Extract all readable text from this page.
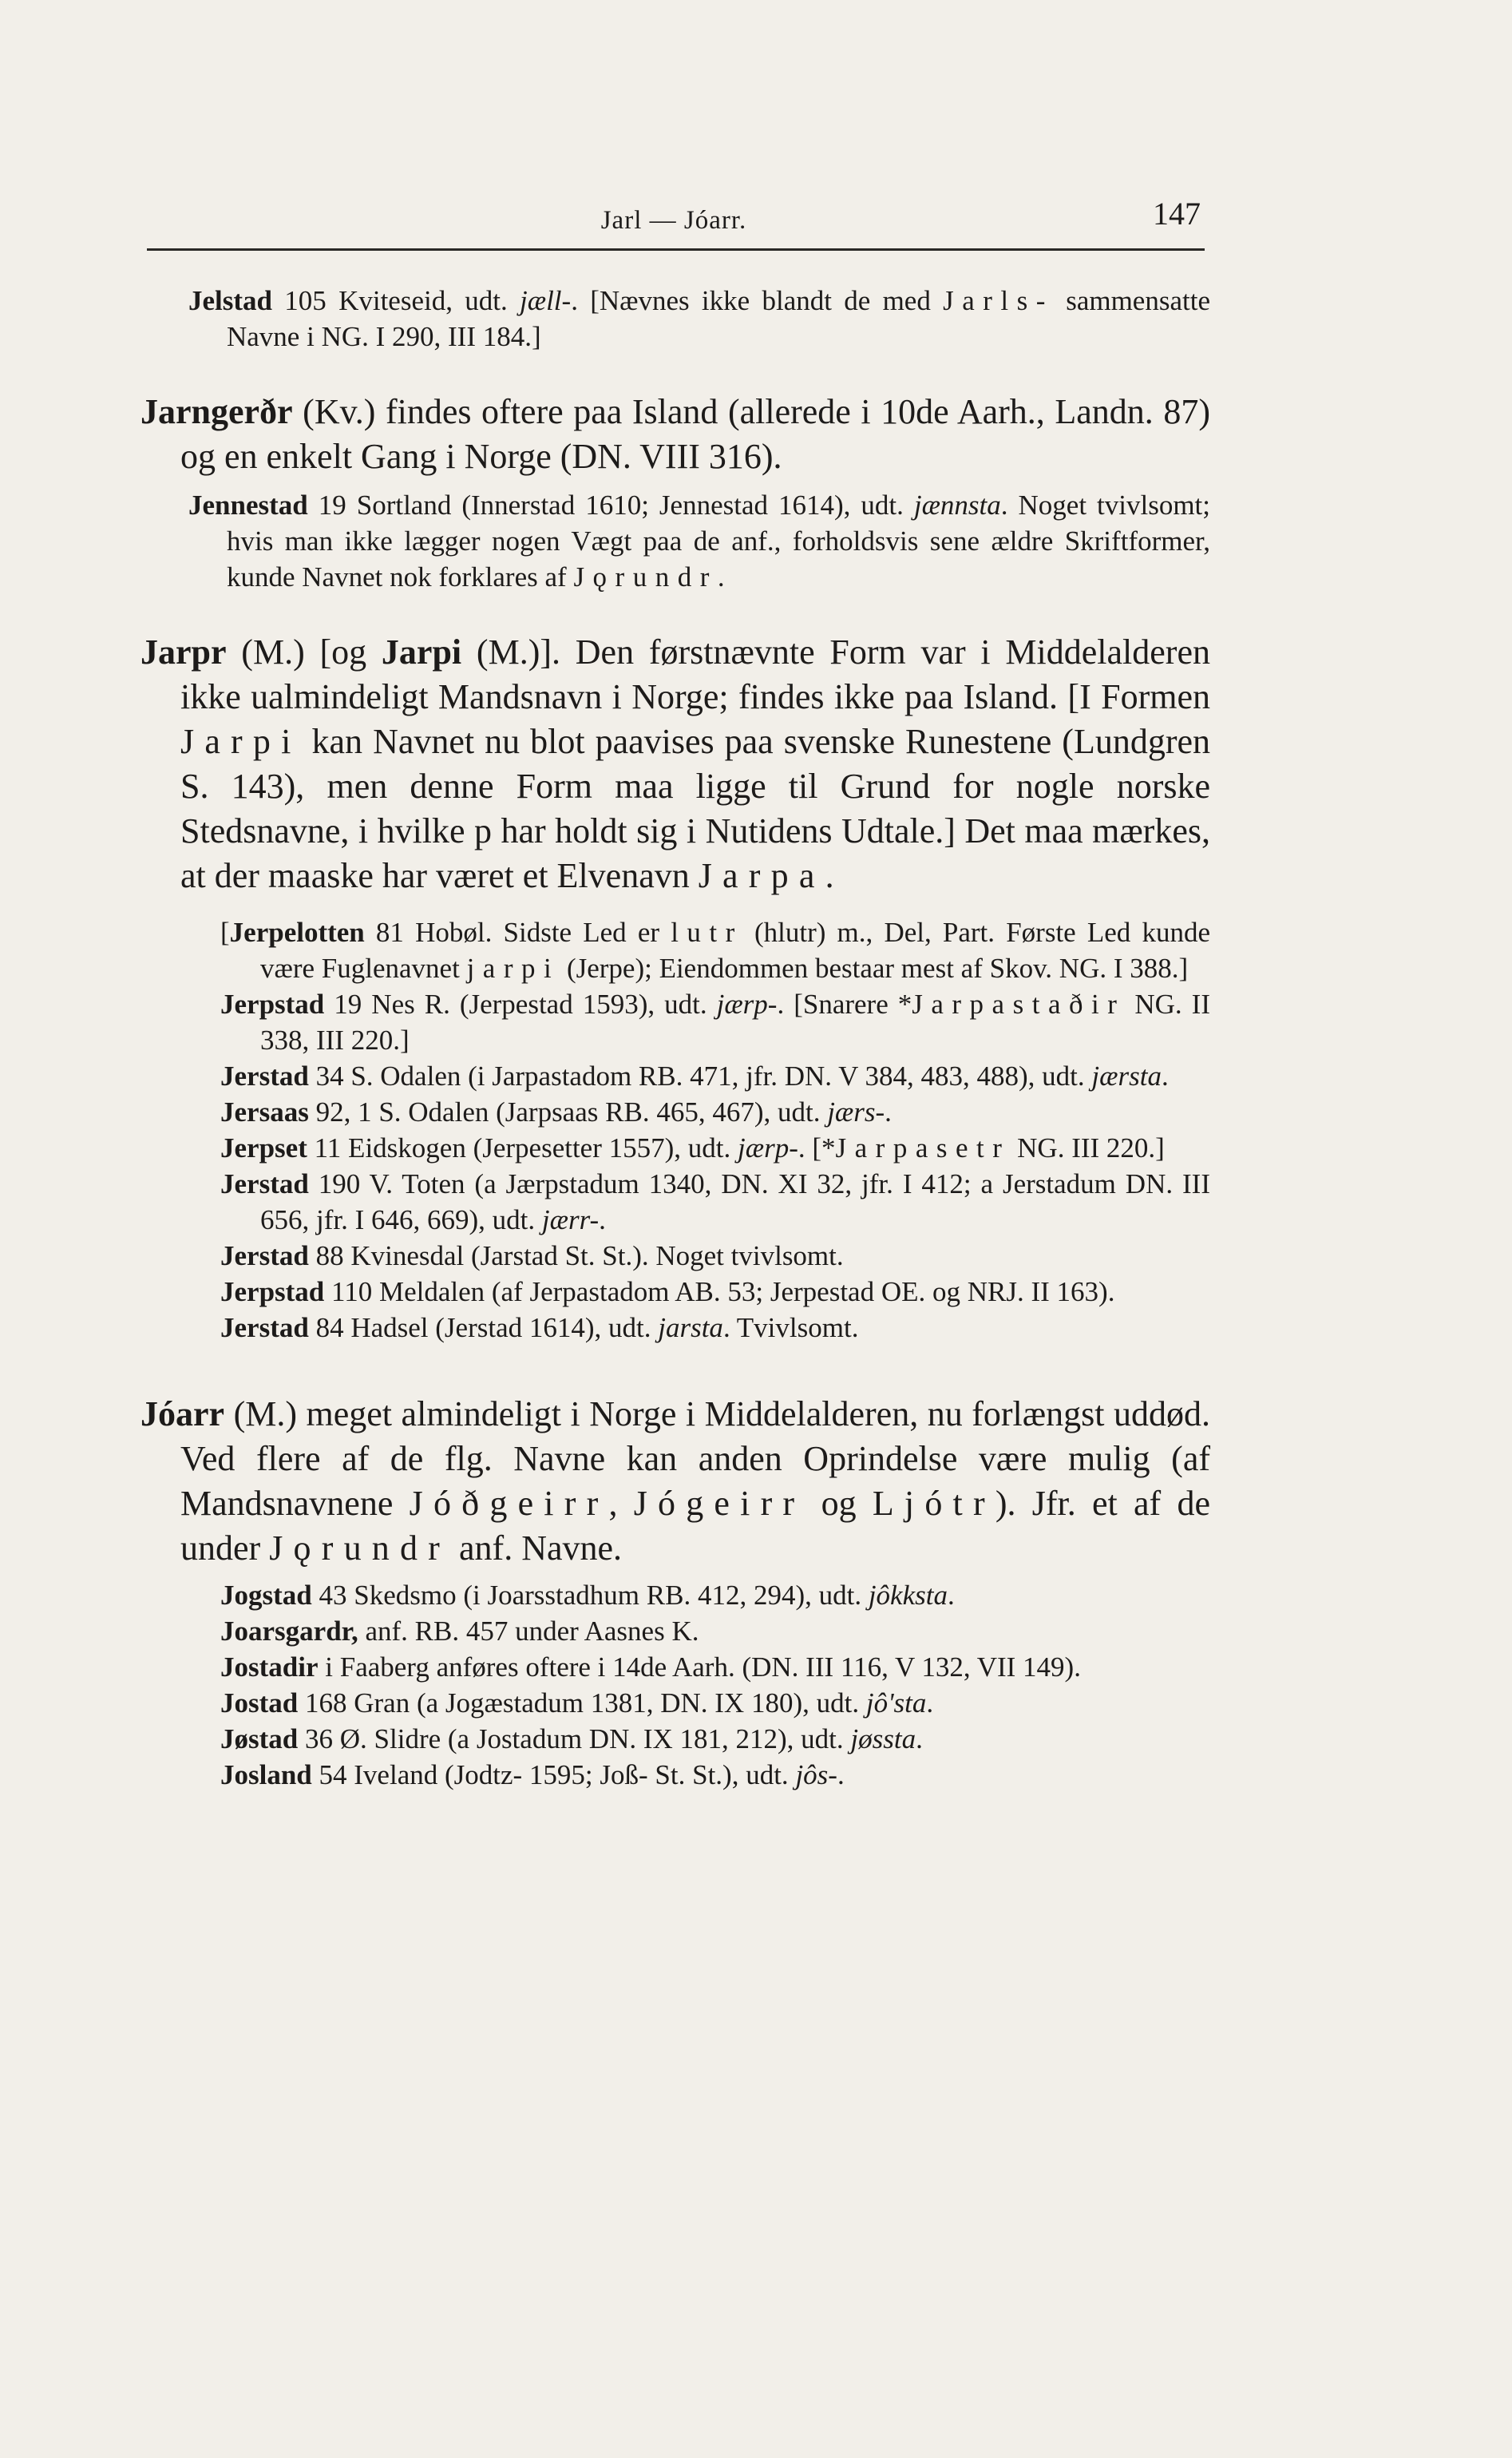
Jarl — Jóarr.	147

Jelstad 105 Kviteseid, udt. jæll-. [Nævnes ikke blandt de med Jarls- sammensatte Navne i NG. I 290, III 184.]

Jarngerðr (Kv.) findes oftere paa Island (allerede i 10de Aarh., Landn. 87) og en enkelt Gang i Norge (DN. VIII 316).

Jennestad 19 Sortland (Innerstad 1610; Jennestad 1614), udt. jænnsta. Noget tvivlsomt; hvis man ikke lægger nogen Vægt paa de anf., forholdsvis sene ældre Skriftformer, kunde Navnet nok forklares af Jǫrundr.

Jarpr (M.) [og Jarpi (M.)]. Den førstnævnte Form var i Middelalderen ikke ualmindeligt Mandsnavn i Norge; findes ikke paa Island. [I Formen Jarpi kan Navnet nu blot paavises paa svenske Runestene (Lundgren S. 143), men denne Form maa ligge til Grund for nogle norske Stedsnavne, i hvilke p har holdt sig i Nutidens Udtale.] Det maa mærkes, at der maaske har været et Elvenavn Jarpa.

[Jerpelotten 81 Hobøl. Sidste Led er lutr (hlutr) m., Del, Part. Første Led kunde være Fuglenavnet jarpi (Jerpe); Eiendommen bestaar mest af Skov. NG. I 388.]

Jerpstad 19 Nes R. (Jerpestad 1593), udt. jærp-. [Snarere *Jarpastaðir NG. II 338, III 220.]

Jerstad 34 S. Odalen (i Jarpastadom RB. 471, jfr. DN. V 384, 483, 488), udt. jærsta.

Jersaas 92, 1 S. Odalen (Jarpsaas RB. 465, 467), udt. jærs-.

Jerpset 11 Eidskogen (Jerpesetter 1557), udt. jærp-. [*Jarpasetr NG. III 220.]

Jerstad 190 V. Toten (a Jærpstadum 1340, DN. XI 32, jfr. I 412; a Jerstadum DN. III 656, jfr. I 646, 669), udt. jærr-.

Jerstad 88 Kvinesdal (Jarstad St. St.). Noget tvivlsomt.

Jerpstad 110 Meldalen (af Jerpastadom AB. 53; Jerpestad OE. og NRJ. II 163).

Jerstad 84 Hadsel (Jerstad 1614), udt. jarsta. Tvivlsomt.

Jóarr (M.) meget almindeligt i Norge i Middelalderen, nu forlængst uddød. Ved flere af de flg. Navne kan anden Oprindelse være mulig (af Mandsnavnene Jóðgeirr, Jógeirr og Ljótr). Jfr. et af de under Jǫrundr anf. Navne.

Jogstad 43 Skedsmo (i Joarsstadhum RB. 412, 294), udt. jôkksta.

Joarsgardr, anf. RB. 457 under Aasnes K.

Jostadir i Faaberg anføres oftere i 14de Aarh. (DN. III 116, V 132, VII 149).

Jostad 168 Gran (a Jogæstadum 1381, DN. IX 180), udt. jô'sta.

Jøstad 36 Ø. Slidre (a Jostadum DN. IX 181, 212), udt. jøssta.

Josland 54 Iveland (Jodtz- 1595; Joß- St. St.), udt. jôs-.
